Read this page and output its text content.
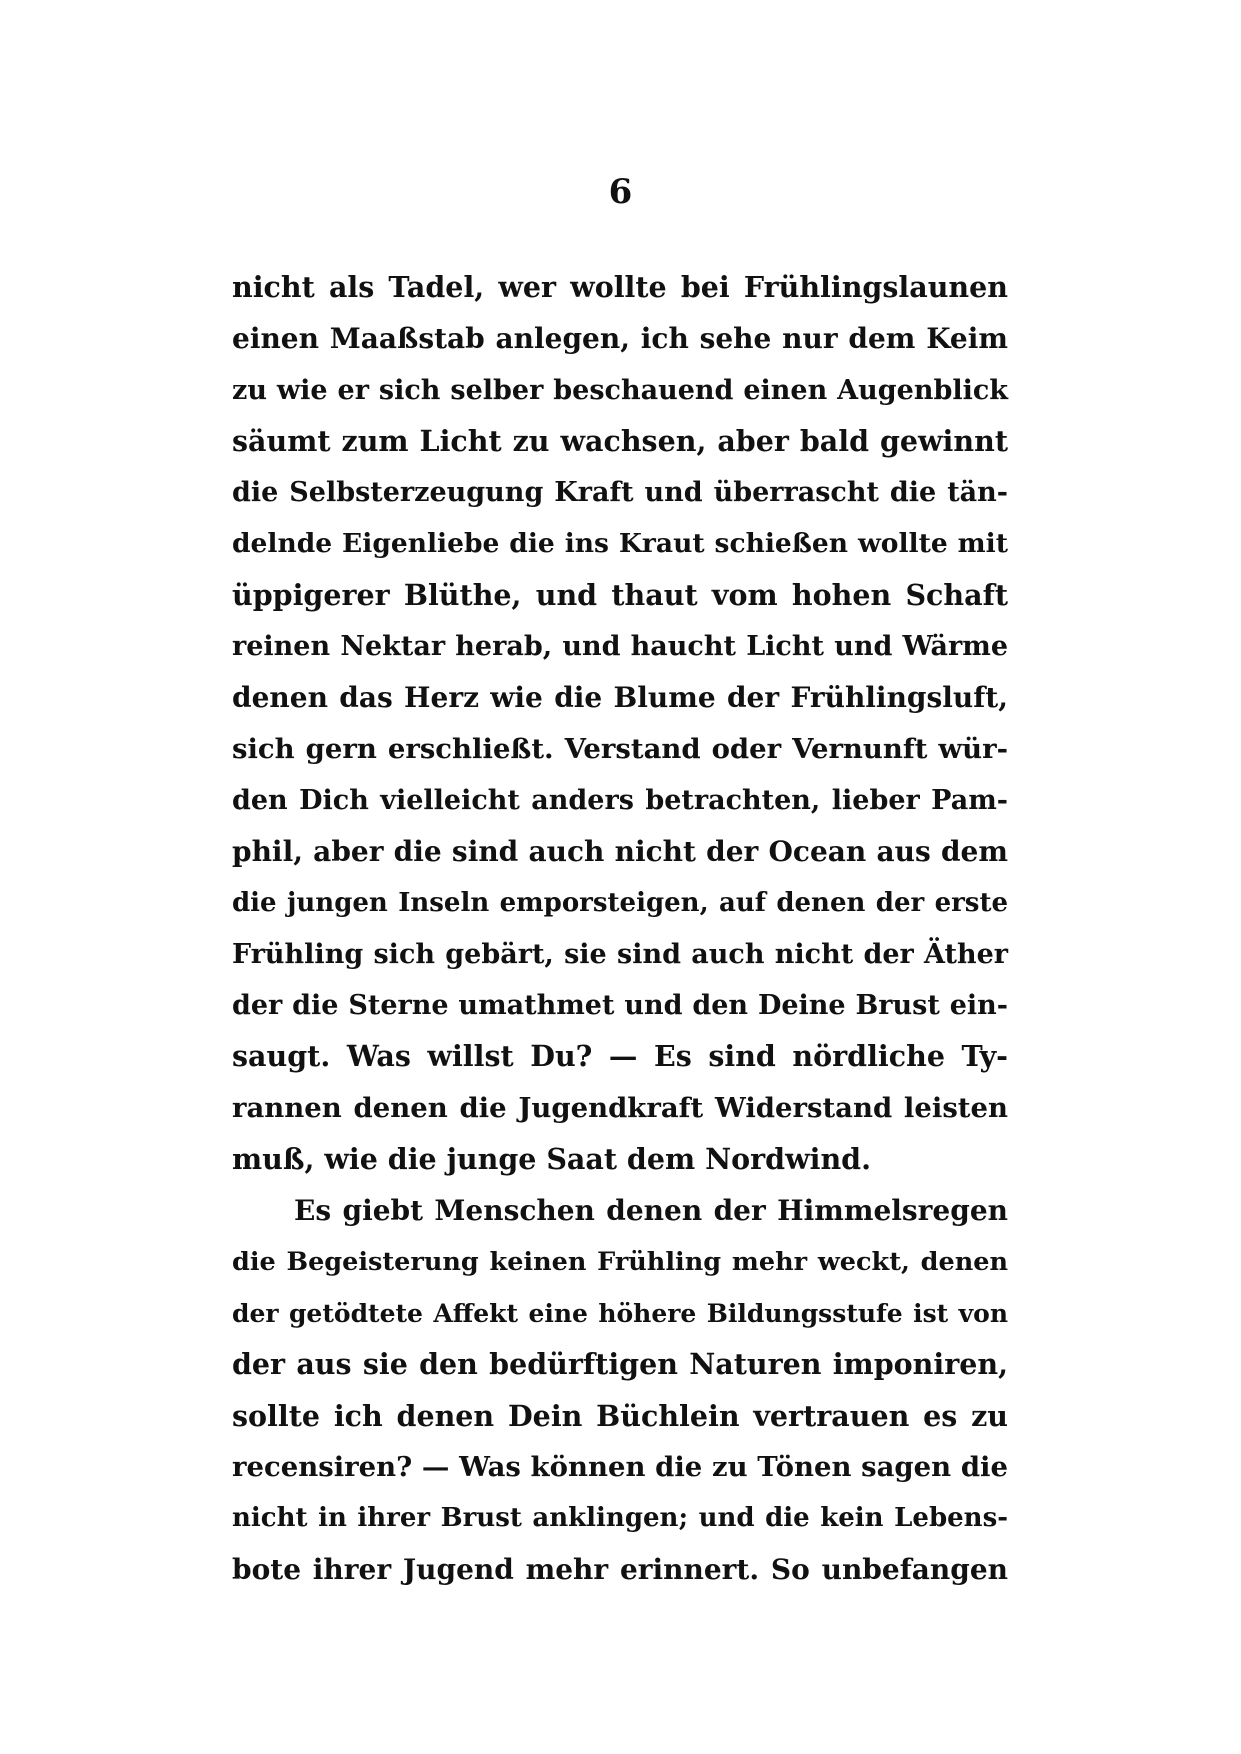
6
nicht als Tadel, wer wollte bei Frühlingslaunen
einen Maaßstab anlegen, ich sehe nur dem Keim
zu wie er sich selber beschauend einen Augenblick
säumt zum Licht zu wachsen, aber bald gewinnt
die Selbsterzeugung Kraft und überrascht die tän-
delnde Eigenliebe die ins Kraut schießen wollte mit
üppigerer Blüthe, und thaut vom hohen Schaft
reinen Nektar herab, und haucht Licht und Wärme
denen das Herz wie die Blume der Frühlingsluft,
sich gern erschließt. Verstand oder Vernunft wür-
den Dich vielleicht anders betrachten, lieber Pam-
phil, aber die sind auch nicht der Ocean aus dem
die jungen Inseln emporsteigen, auf denen der erste
Frühling sich gebärt, sie sind auch nicht der Äther
der die Sterne umathmet und den Deine Brust ein-
saugt. Was willst Du? — Es sind nördliche Ty-
rannen denen die Jugendkraft Widerstand leisten
muß, wie die junge Saat dem Nordwind.
Es giebt Menschen denen der Himmelsregen
die Begeisterung keinen Frühling mehr weckt, denen
der getödtete Affekt eine höhere Bildungsstufe ist von
der aus sie den bedürftigen Naturen imponiren,
sollte ich denen Dein Büchlein vertrauen es zu
recensiren? — Was können die zu Tönen sagen die
nicht in ihrer Brust anklingen; und die kein Lebens-
bote ihrer Jugend mehr erinnert. So unbefangen
